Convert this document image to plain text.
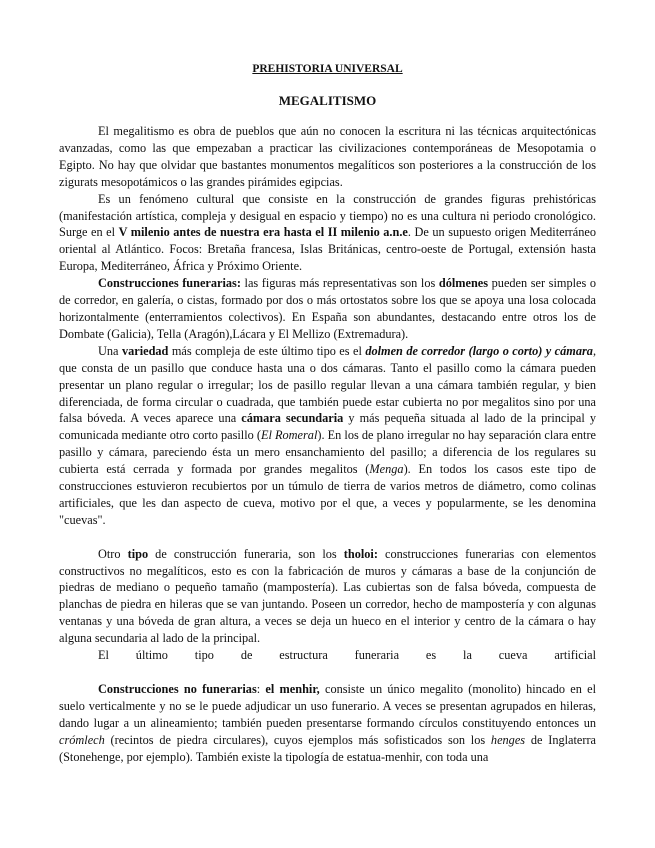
PREHISTORIA UNIVERSAL
MEGALITISMO

El megalitismo es obra de pueblos que aún no conocen la escritura ni las técnicas arquitectónicas avanzadas, como las que empezaban a practicar las civilizaciones contemporáneas de Mesopotamia o Egipto. No hay que olvidar que bastantes monumentos megalíticos son posteriores a la construcción de los zigurats mesopotámicos o las grandes pirámides egipcias.

Es un fenómeno cultural que consiste en la construcción de grandes figuras prehistóricas (manifestación artística, compleja y desigual en espacio y tiempo) no es una cultura ni periodo cronológico. Surge en el V milenio antes de nuestra era hasta el II milenio a.n.e. De un supuesto origen Mediterráneo oriental al Atlántico. Focos: Bretaña francesa, Islas Británicas, centro-oeste de Portugal, extensión hasta Europa, Mediterráneo, África y Próximo Oriente.

Construcciones funerarias: las figuras más representativas son los dólmenes pueden ser simples o de corredor, en galería, o cistas, formado por dos o más ortostatos sobre los que se apoya una losa colocada horizontalmente (enterramientos colectivos). En España son abundantes, destacando entre otros los de Dombate (Galicia), Tella (Aragón),Lácara y El Mellizo (Extremadura).

Una variedad más compleja de este último tipo es el dolmen de corredor (largo o corto) y cámara, que consta de un pasillo que conduce hasta una o dos cámaras. Tanto el pasillo como la cámara pueden presentar un plano regular o irregular; los de pasillo regular llevan a una cámara también regular, y bien diferenciada, de forma circular o cuadrada, que también puede estar cubierta no por megalitos sino por una falsa bóveda. A veces aparece una cámara secundaria y más pequeña situada al lado de la principal y comunicada mediante otro corto pasillo (El Romeral). En los de plano irregular no hay separación clara entre pasillo y cámara, pareciendo ésta un mero ensanchamiento del pasillo; a diferencia de los regulares su cubierta está cerrada y formada por grandes megalitos (Menga). En todos los casos este tipo de construcciones estuvieron recubiertos por un túmulo de tierra de varios metros de diámetro, como colinas artificiales, que les dan aspecto de cueva, motivo por el que, a veces y popularmente, se les denomina "cuevas".

Otro tipo de construcción funeraria, son los tholoi: construcciones funerarias con elementos constructivos no megalíticos, esto es con la fabricación de muros y cámaras a base de la conjunción de piedras de mediano o pequeño tamaño (mampostería). Las cubiertas son de falsa bóveda, compuesta de planchas de piedra en hileras que se van juntando. Poseen un corredor, hecho de mampostería y con algunas ventanas y una bóveda de gran altura, a veces se deja un hueco en el interior y centro de la cámara o hay alguna secundaria al lado de la principal.

El último tipo de estructura funeraria es la cueva artificial

Construcciones no funerarias: el menhir, consiste un único megalito (monolito) hincado en el suelo verticalmente y no se le puede adjudicar un uso funerario. A veces se presentan agrupados en hileras, dando lugar a un alineamiento; también pueden presentarse formando círculos constituyendo entonces un crómlech (recintos de piedra circulares), cuyos ejemplos más sofisticados son los henges de Inglaterra (Stonehenge, por ejemplo). También existe la tipología de estatua-menhir, con toda una
